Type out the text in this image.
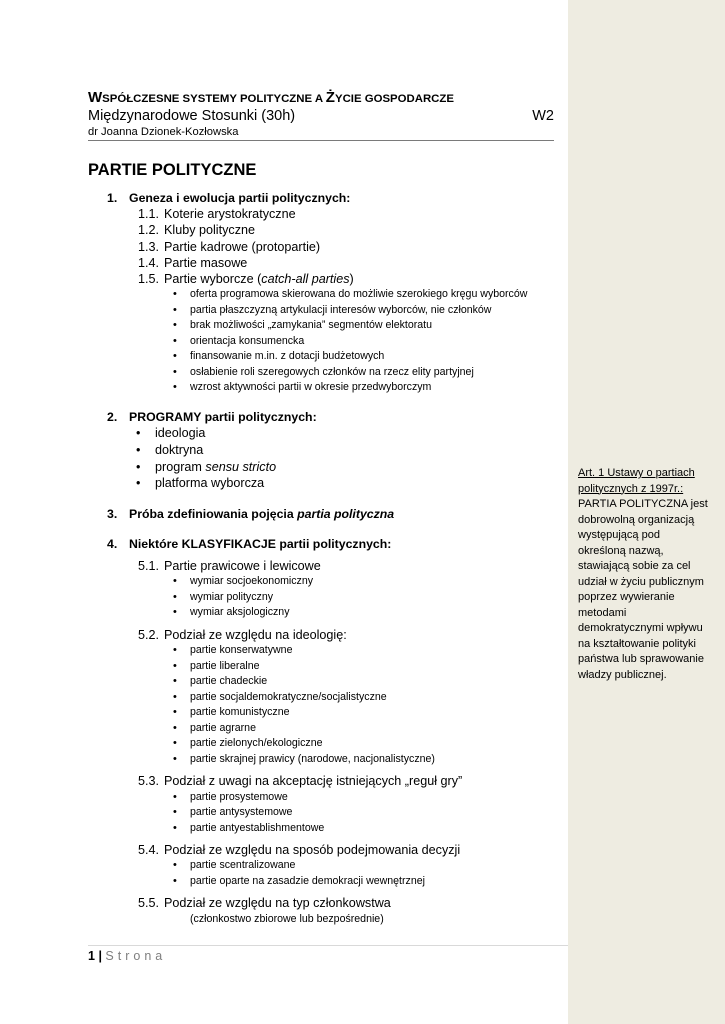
Art. 1 Ustawy o partiach politycznych z 1997r.:
PARTIA POLITYCZNA jest dobrowolną organizacją występującą pod określoną nazwą, stawiającą sobie za cel udział w życiu publicznym poprzez wywieranie metodami demokratycznymi wpływu na kształtowanie polityki państwa lub sprawowanie władzy publicznej.
WSPÓŁCZESNE SYSTEMY POLITYCZNE A ŻYCIE GOSPODARCZE
Międzynarodowe Stosunki (30h)	W2
dr Joanna Dzionek-Kozłowska
PARTIE POLITYCZNE
1. Geneza i ewolucja partii politycznych:
1.1. Koterie arystokratyczne
1.2. Kluby polityczne
1.3. Partie kadrowe (protopartie)
1.4. Partie masowe
1.5. Partie wyborcze (catch-all parties)
• oferta programowa skierowana do możliwie szerokiego kręgu wyborców
• partia płaszczyzną artykulacji interesów wyborców, nie członków
• brak możliwości „zamykania” segmentów elektoratu
• orientacja konsumencka
• finansowanie m.in. z dotacji budżetowych
• osłabienie roli szeregowych członków na rzecz elity partyjnej
• wzrost aktywności partii w okresie przedwyborczym
2. PROGRAMY partii politycznych:
• ideologia
• doktryna
• program sensu stricto
• platforma wyborcza
3. Próba zdefiniowania pojęcia partia polityczna
4. Niektóre KLASYFIKACJE partii politycznych:
5.1. Partie prawicowe i lewicowe
• wymiar socjoekonomiczny
• wymiar polityczny
• wymiar aksjologiczny
5.2. Podział ze względu na ideologię:
• partie konserwatywne
• partie liberalne
• partie chadeckie
• partie socjaldemokratyczne/socjalistyczne
• partie komunistyczne
• partie agrarne
• partie zielonych/ekologiczne
• partie skrajnej prawicy (narodowe, nacjonalistyczne)
5.3. Podział z uwagi na akceptację istniejących „reguł gry”
• partie prosystemowe
• partie antysystemowe
• partie antyestablishmentowe
5.4. Podział ze względu na sposób podejmowania decyzji
• partie scentralizowane
• partie oparte na zasadzie demokracji wewnętrznej
5.5. Podział ze względu na typ członkowstwa
(członkostwo zbiorowe lub bezpośrednie)
1 | Strona
